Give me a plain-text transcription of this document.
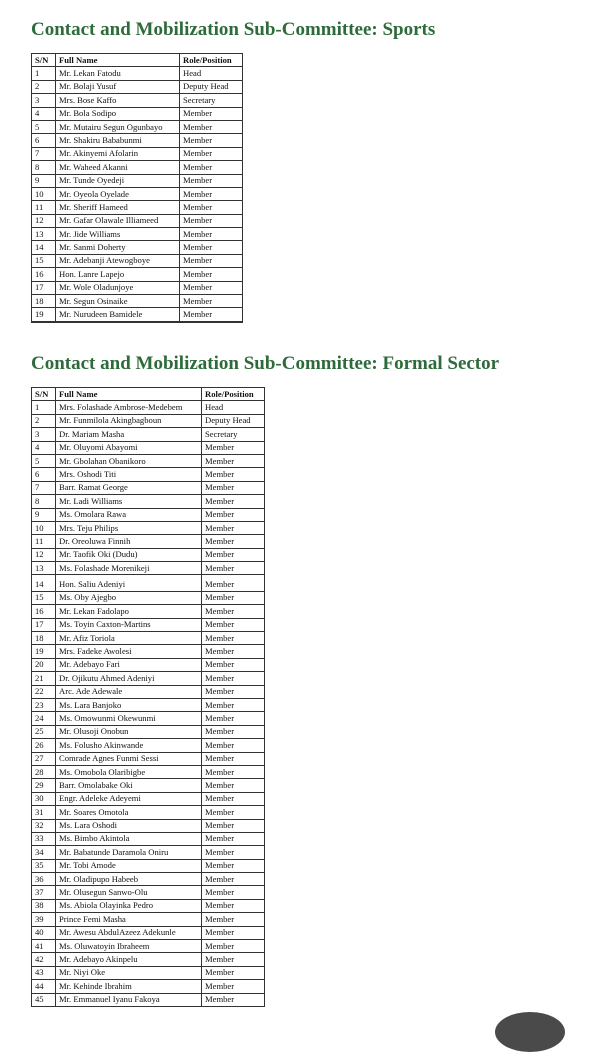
Contact and Mobilization Sub-Committee: Sports
S/N	Full Name	Role/Position
1	Mr. Lekan Fatodu	Head
2	Mr. Bolaji Yusuf	Deputy Head
3	Mrs. Bose Kaffo	Secretary
4	Mr. Bola Sodipo	Member
5	Mr. Mutairu Segun Ogunbayo	Member
6	Mr. Shakiru Bababunmi	Member
7	Mr. Akinyemi Afolarin	Member
8	Mr. Waheed Akanni	Member
9	Mr. Tunde Oyedeji	Member
10	Mr. Oyeola Oyelade	Member
11	Mr. Sheriff Hameed	Member
12	Mr. Gafar Olawale Illiameed	Member
13	Mr. Jide Williams	Member
14	Mr. Sanmi Doherty	Member
15	Mr. Adebanji Atewogboye	Member
16	Hon. Lanre Lapejo	Member
17	Mr. Wole Oladunjoye	Member
18	Mr. Segun Osinaike	Member
19	Mr. Nurudeen Bamidele	Member
Contact and Mobilization Sub-Committee: Formal Sector
S/N	Full Name	Role/Position
1	Mrs. Folashade Ambrose-Medebem	Head
2	Mr. Funmilola Akingbagboun	Deputy Head
3	Dr. Mariam Masha	Secretary
4	Mr. Oluyomi Abayomi	Member
5	Mr. Gbolahan Obanikoro	Member
6	Mrs. Oshodi Titi	Member
7	Barr. Ramat George	Member
8	Mr. Ladi Williams	Member
9	Ms. Omolara Rawa	Member
10	Mrs. Teju Philips	Member
11	Dr. Oreoluwa Finnih	Member
12	Mr. Taofik Oki (Dudu)	Member
13	Ms. Folashade Morenikeji	Member
14	Hon. Saliu Adeniyi	Member
15	Ms. Oby Ajegbo	Member
16	Mr. Lekan Fadolapo	Member
17	Ms. Toyin Caxton-Martins	Member
18	Mr. Afiz Toriola	Member
19	Mrs. Fadeke Awolesi	Member
20	Mr. Adebayo Fari	Member
21	Dr. Ojikutu Ahmed Adeniyi	Member
22	Arc. Ade Adewale	Member
23	Ms. Lara Banjoko	Member
24	Ms. Omowunmi Okewunmi	Member
25	Mr. Olusoji Onobun	Member
26	Ms. Folusho Akinwande	Member
27	Comrade Agnes Funmi Sessi	Member
28	Ms. Omobola Olaribigbe	Member
29	Barr. Omolabake Oki	Member
30	Engr. Adeleke Adeyemi	Member
31	Mr. Soares Omotola	Member
32	Ms. Lara Oshodi	Member
33	Ms. Bimbo Akintola	Member
34	Mr. Babatunde Daramola Oniru	Member
35	Mr. Tobi Amode	Member
36	Mr. Oladipupo Habeeb	Member
37	Mr. Olusegun Sanwo-Olu	Member
38	Ms. Abiola Olayinka Pedro	Member
39	Prince Femi Masha	Member
40	Mr. Awesu AbdulAzeez Adekunle	Member
41	Ms. Oluwatoyin Ibraheem	Member
42	Mr. Adebayo Akinpelu	Member
43	Mr. Niyi Oke	Member
44	Mr. Kehinde Ibrahim	Member
45	Mr. Emmanuel Iyanu Fakoya	Member
